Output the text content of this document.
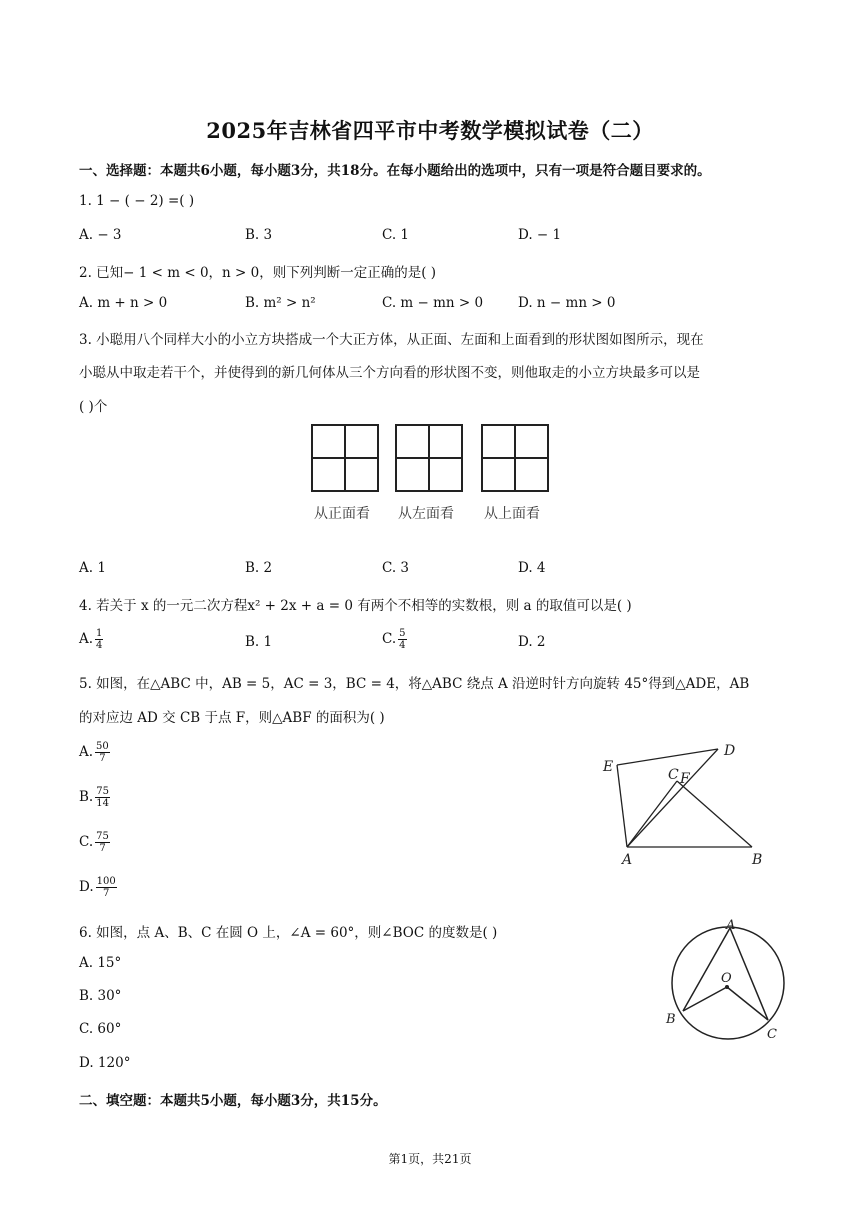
2025年吉林省四平市中考数学模拟试卷（二）
一、选择题：本题共6小题，每小题3分，共18分。在每小题给出的选项中，只有一项是符合题目要求的。
1. 1 − ( − 2) =( )
A. − 3	B. 3	C. 1	D. − 1
2. 已知− 1 < m < 0，n > 0，则下列判断一定正确的是( )
A. m + n > 0	B. m² > n²	C. m − mn > 0	D. n − mn > 0
3. 小聪用八个同样大小的小立方块搭成一个大正方体，从正面、左面和上面看到的形状图如图所示，现在
小聪从中取走若干个，并使得到的新几何体从三个方向看的形状图不变，则他取走的小立方块最多可以是
( )个
从正面看 从左面看 从上面看
A. 1	B. 2	C. 3	D. 4
4. 若关于 x 的一元二次方程x² + 2x + a = 0 有两个不相等的实数根，则 a 的取值可以是( )
A. $\frac{1}{4}$	B. 1	C. $\frac{5}{4}$	D. 2
5. 如图，在△ABC 中，AB = 5，AC = 3，BC = 4，将△ABC 绕点 A 沿逆时针方向旋转 45°得到△ADE，AB
的对应边 AD 交 CB 于点 F，则△ABF 的面积为( )
A. $\frac{50}{7}$
B. $\frac{75}{14}$
C. $\frac{75}{7}$
D. $\frac{100}{7}$
E
D
C F
A	B
6. 如图，点 A、B、C 在圆 O 上，∠A = 60°，则∠BOC 的度数是( )
A. 15°
B. 30°
C. 60°
D. 120°
A
O
B
C
二、填空题：本题共5小题，每小题3分，共15分。
第1页，共21页
